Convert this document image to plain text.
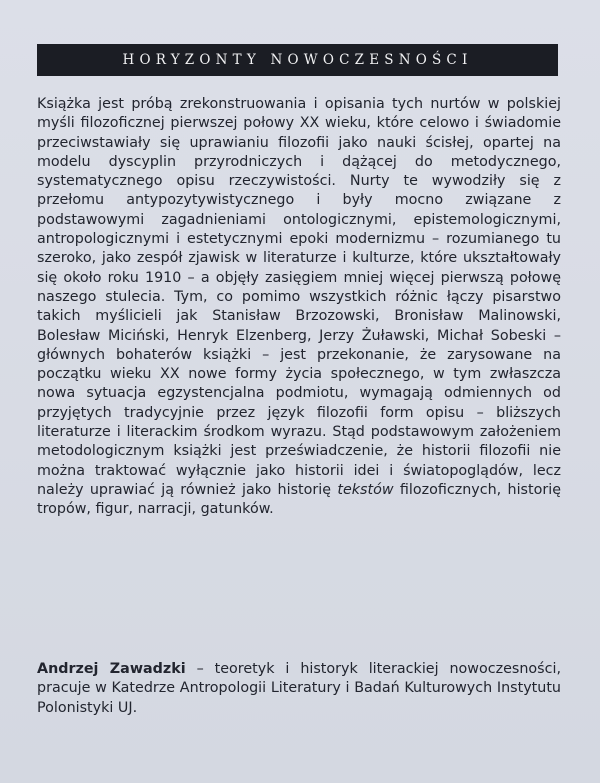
HORYZONTY NOWOCZESNOŚCI

Książka jest próbą zrekonstruowania i opisania tych nurtów w polskiej myśli filozoficznej pierwszej połowy XX wieku, które celowo i świadomie przeciwstawiały się uprawianiu filozofii jako nauki ścisłej, opartej na modelu dyscyplin przyrodniczych i dążącej do metodycznego, systematycznego opisu rzeczywistości. Nurty te wywodziły się z przełomu antypozytywistycznego i były mocno związane z podstawowymi zagadnieniami ontologicznymi, epistemologicznymi, antropologicznymi i estetycznymi epoki modernizmu – rozumianego tu szeroko, jako zespół zjawisk w literaturze i kulturze, które ukształtowały się około roku 1910 – a objęły zasięgiem mniej więcej pierwszą połowę naszego stulecia. Tym, co pomimo wszystkich różnic łączy pisarstwo takich myślicieli jak Stanisław Brzozowski, Bronisław Malinowski, Bolesław Miciński, Henryk Elzenberg, Jerzy Żuławski, Michał Sobeski – głównych bohaterów książki – jest przekonanie, że zarysowane na początku wieku XX nowe formy życia społecznego, w tym zwłaszcza nowa sytuacja egzystencjalna podmiotu, wymagają odmiennych od przyjętych tradycyjnie przez język filozofii form opisu – bliższych literaturze i literackim środkom wyrazu. Stąd podstawowym założeniem metodologicznym książki jest przeświadczenie, że historii filozofii nie można traktować wyłącznie jako historii idei i światopoglądów, lecz należy uprawiać ją również jako historię tekstów filozoficznych, historię tropów, figur, narracji, gatunków.

Andrzej Zawadzki – teoretyk i historyk literackiej nowoczesności, pracuje w Katedrze Antropologii Literatury i Badań Kulturowych Instytutu Polonistyki UJ.
